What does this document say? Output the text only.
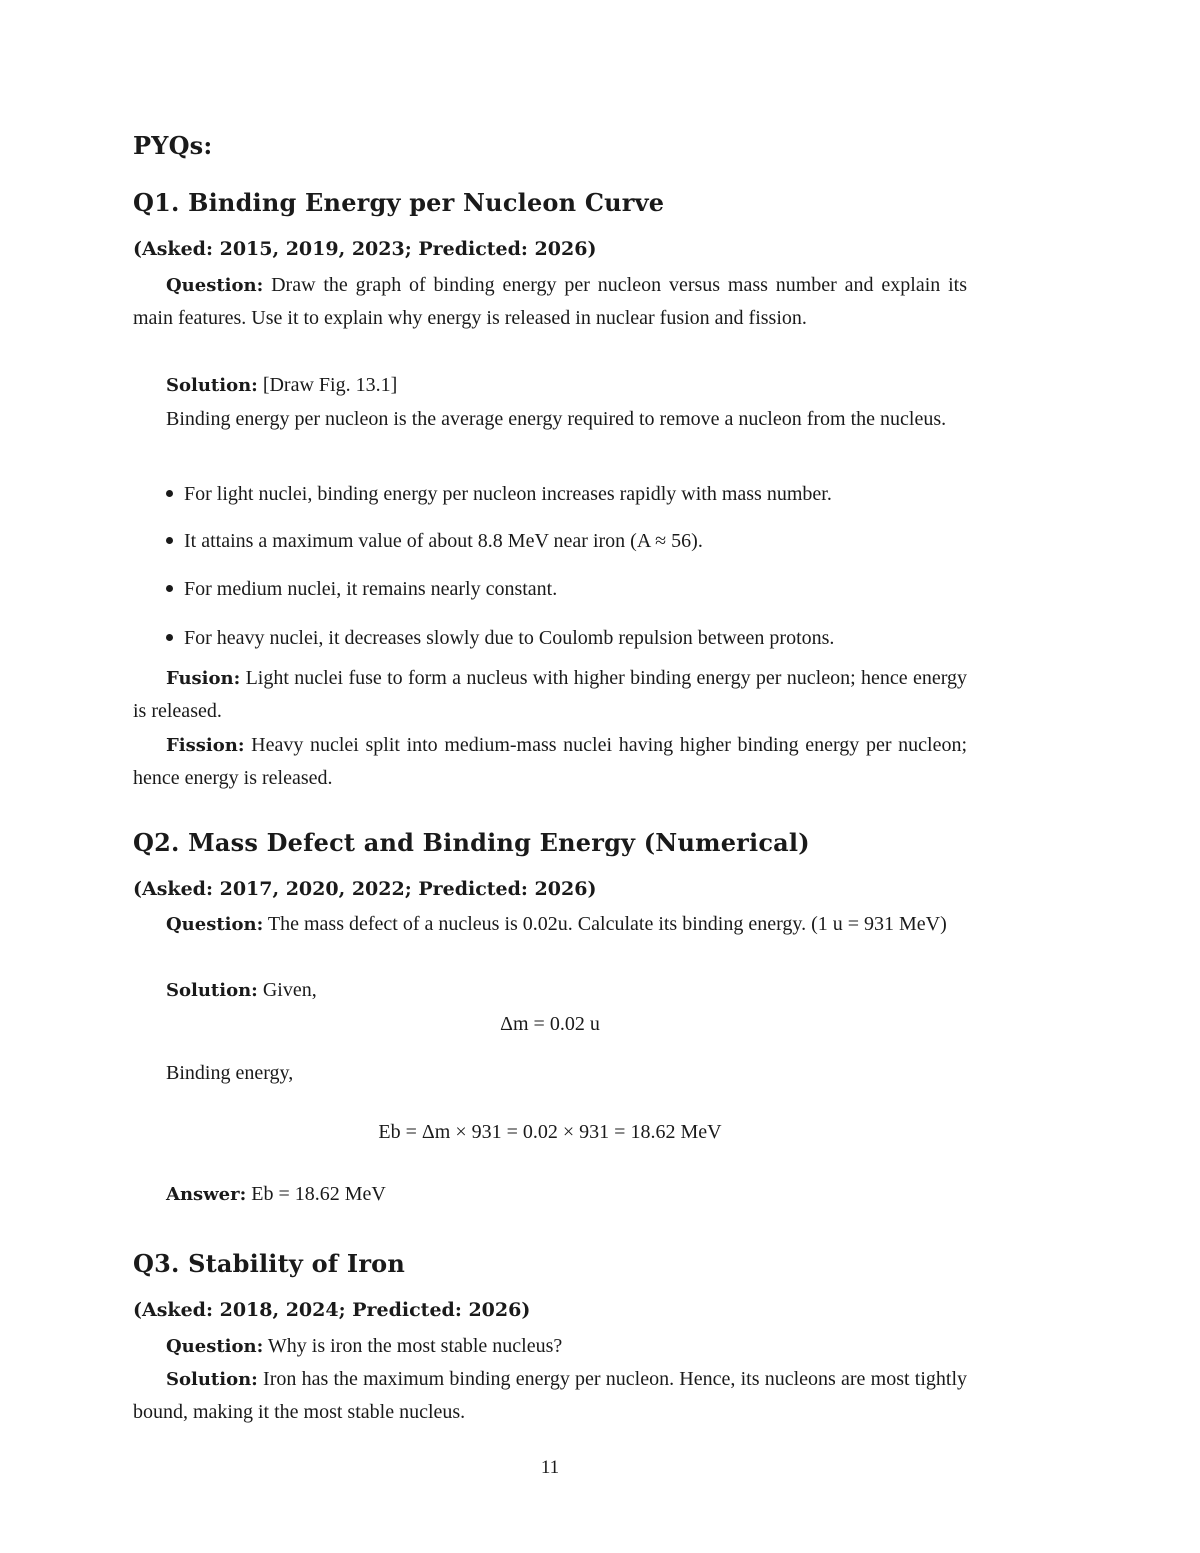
PYQs:
Q1. Binding Energy per Nucleon Curve
(Asked: 2015, 2019, 2023; Predicted: 2026)
Question: Draw the graph of binding energy per nucleon versus mass number and explain its main features. Use it to explain why energy is released in nuclear fusion and fission.
Solution: [Draw Fig. 13.1]
Binding energy per nucleon is the average energy required to remove a nucleon from the nucleus.
For light nuclei, binding energy per nucleon increases rapidly with mass number.
It attains a maximum value of about 8.8 MeV near iron (A ≈ 56).
For medium nuclei, it remains nearly constant.
For heavy nuclei, it decreases slowly due to Coulomb repulsion between protons.
Fusion: Light nuclei fuse to form a nucleus with higher binding energy per nucleon; hence energy is released.
Fission: Heavy nuclei split into medium-mass nuclei having higher binding energy per nucleon; hence energy is released.
Q2. Mass Defect and Binding Energy (Numerical)
(Asked: 2017, 2020, 2022; Predicted: 2026)
Question: The mass defect of a nucleus is 0.02u. Calculate its binding energy. (1 u = 931 MeV)
Solution: Given,
Δm = 0.02 u
Binding energy,
Eb = Δm × 931 = 0.02 × 931 = 18.62 MeV
Answer: Eb = 18.62 MeV
Q3. Stability of Iron
(Asked: 2018, 2024; Predicted: 2026)
Question: Why is iron the most stable nucleus?
Solution: Iron has the maximum binding energy per nucleon. Hence, its nucleons are most tightly bound, making it the most stable nucleus.
11
